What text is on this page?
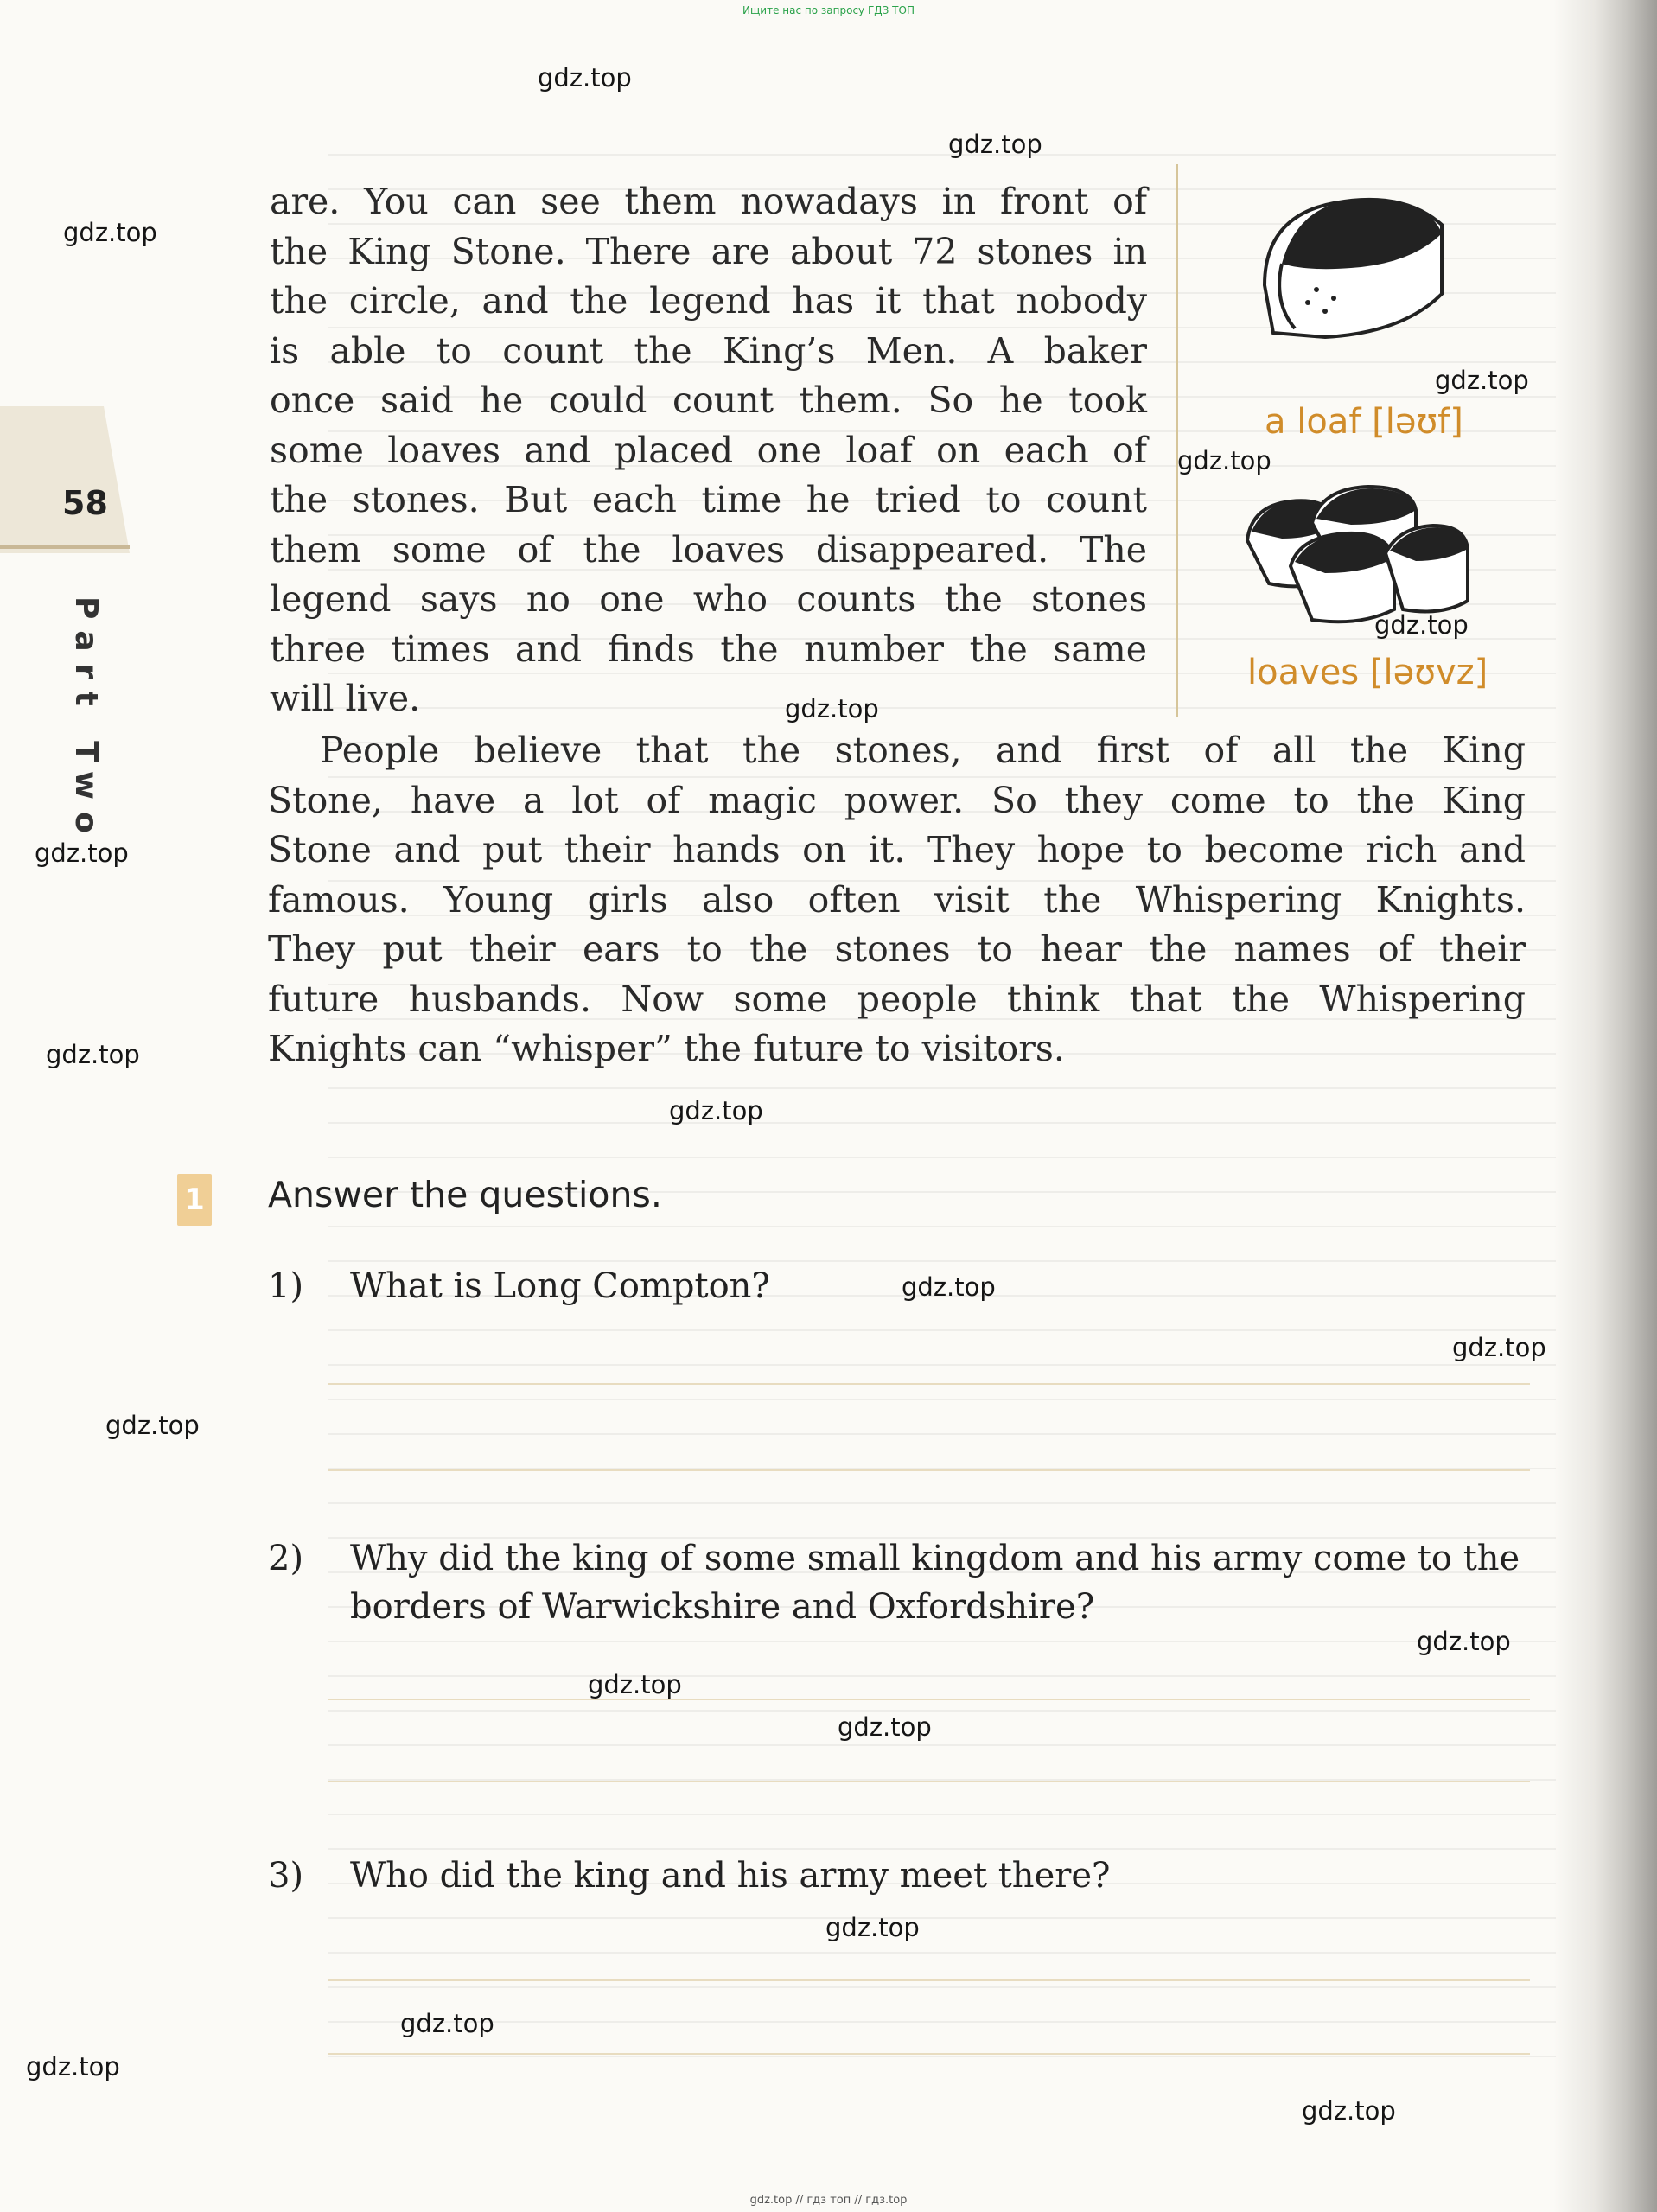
Ищите нас по запросу ГДЗ ТОП
58
Part Two
are. You can see them nowadays in front of
the King Stone. There are about 72 stones in
the circle, and the legend has it that nobody
is able to count the King’s Men. A baker
once said he could count them. So he took
some loaves and placed one loaf on each of
the stones. But each time he tried to count
them some of the loaves disappeared. The
legend says no one who counts the stones
three times and finds the number the same
will live.
a loaf [ləʊf]
loaves [ləʊvz]
People believe that the stones, and first of all the King
Stone, have a lot of magic power. So they come to the King
Stone and put their hands on it. They hope to become rich and
famous. Young girls also often visit the Whispering Knights.
They put their ears to the stones to hear the names of their
future husbands. Now some people think that the Whispering
Knights can “whisper” the future to visitors.
1 Answer the questions.
1) What is Long Compton?
2) Why did the king of some small kingdom and his army come to the borders of Warwickshire and Oxfordshire?
3) Who did the king and his army meet there?
gdz.top
gdz.top
gdz.top
gdz.top
gdz.top
gdz.top
gdz.top
gdz.top
gdz.top
gdz.top
gdz.top
gdz.top
gdz.top
gdz.top
gdz.top
gdz.top
gdz.top
gdz.top
gdz.top
gdz.top
gdz.top // гдз топ // гдз.top
